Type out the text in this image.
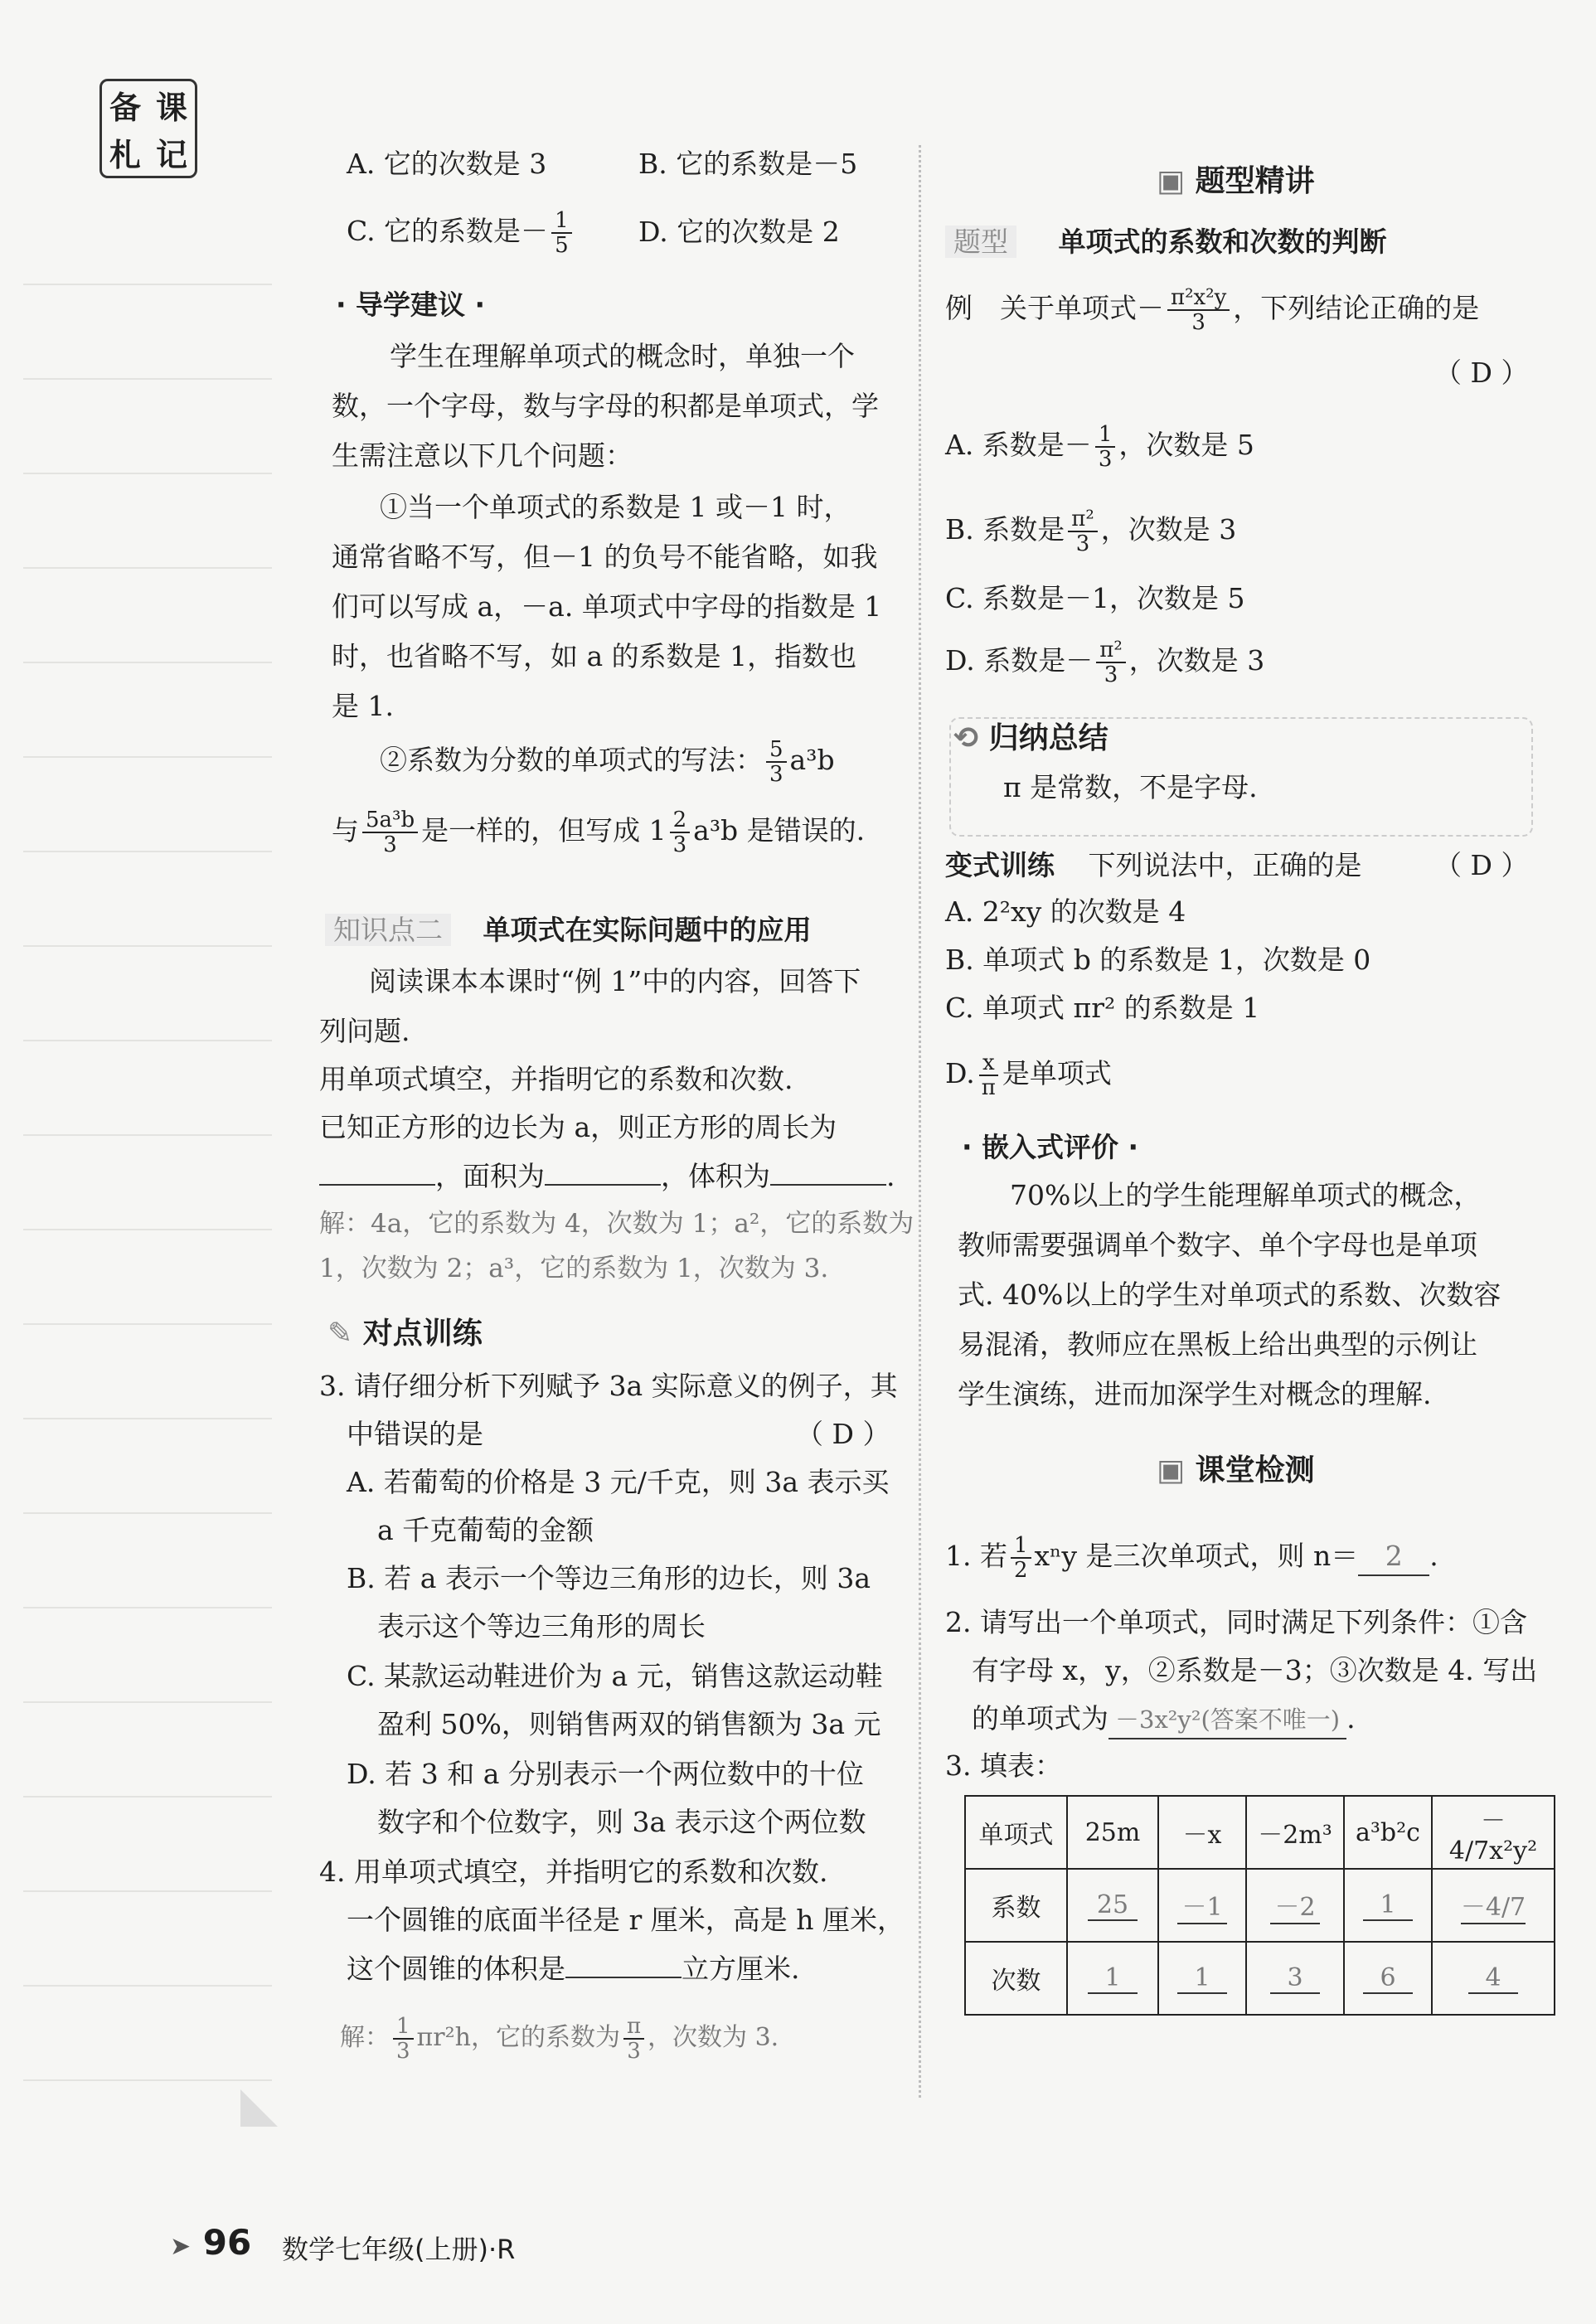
备 课
札 记	A. 它的次数是 3	B. 它的系数是－5
C. 它的系数是－ $\frac{1}{5} D$. 它的次数是 2
· 导学建议 ·
学生在理解单项式的概念时，单独一个
数，一个字母，数与字母的积都是单项式，学
生需注意以下几个问题：
①当一个单项式的系数是 1 或－1 时，
通常省略不写，但－1 的负号不能省略，如我
们可以写成 a，－a. 单项式中字母的指数是 1
时，也省略不写，如 a 的系数是 1，指数也
是 1.
②系数为分数的单项式的写法： $\frac{5}{3} a^3b$
与 $\frac{\text{5a³b}}{3}$ 是一样的，但写成 $1 \frac{2}{3} a^3b$ 是错误的.
知识点二 单项式在实际问题中的应用
阅读课本本课时“例 1”中的内容，回答下
列问题.
用单项式填空，并指明它的系数和次数.
已知正方形的边长为 a，则正方形的周长为
，面积为	，体积为	.
解：4a，它的系数为 4，次数为 1；a²，它的系数为
1，次数为 2；a³，它的系数为 1，次数为 3.
✎ 对点训练
3. 请仔细分析下列赋予 3a 实际意义的例子，其
中错误的是	（ D ）
A. 若葡萄的价格是 3 元/千克，则 3a 表示买
a 千克葡萄的金额
B. 若 a 表示一个等边三角形的边长，则 3a
表示这个等边三角形的周长
C. 某款运动鞋进价为 a 元，销售这款运动鞋
盈利 50%，则销售两双的销售额为 3a 元
D. 若 3 和 a 分别表示一个两位数中的十位
数字和个位数字，则 3a 表示这个两位数
4. 用单项式填空，并指明它的系数和次数.
一个圆锥的底面半径是 r 厘米，高是 h 厘米，
这个圆锥的体积是	立方厘米.
解： $\frac{1}{3} \pi r^2h$，它的系数为 $\frac{\pi}{3}$ ，次数为 3.
▣ 题型精讲
题型 单项式的系数和次数的判断
例　关于单项式－ $\frac{\text{π²x²y}}{3}$ ，下列结论正确的是
（ D ）
A. 系数是－ $\frac{1}{3}$ ，次数是 5
B. 系数是 $\frac{\text{π²}}{3}$ ，次数是 3
C. 系数是－1，次数是 5
D. 系数是－ $\frac{\text{π²}}{3}$ ，次数是 3
⟲ 归纳总结
π 是常数，不是字母.
变式训练 下列说法中，正确的是	（ D ）
A. 2²xy 的次数是 4
B. 单项式 b 的系数是 1，次数是 0
C. 单项式 πr² 的系数是 1
D. $\frac{x}{\pi}$ 是单项式
· 嵌入式评价 ·
70%以上的学生能理解单项式的概念，
教师需要强调单个数字、单个字母也是单项
式. 40%以上的学生对单项式的系数、次数容
易混淆，教师应在黑板上给出典型的示例让
学生演练，进而加深学生对概念的理解.
▣ 课堂检测
1. 若 $\frac{1}{2}$ xⁿy 是三次单项式，则 n＝ 2 .
2. 请写出一个单项式，同时满足下列条件：①含
有字母 x，y，②系数是－3；③次数是 4. 写出
的单项式为 －3x²y²(答案不唯一) .
3. 填表：
单项式	25m	－x	－2m³	a³b²c	－4/7x²y²
系数	25	－1	－2	1	－4/7
次数	1	1	3	6	4
➤ 96 数学七年级(上册)·R
